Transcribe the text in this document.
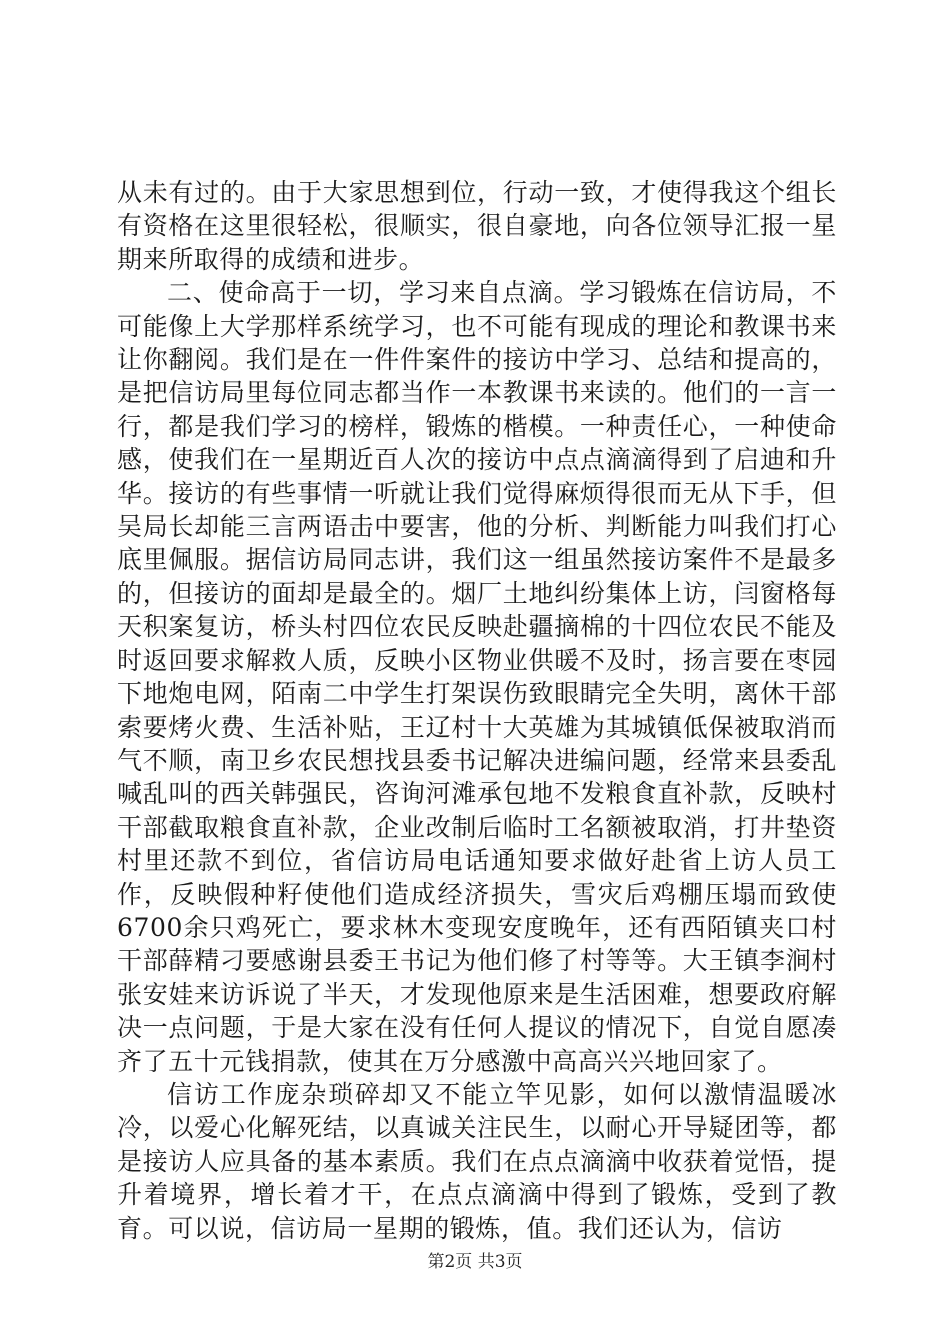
从未有过的。由于大家思想到位，行动一致，才使得我这个组长有资格在这里很轻松，很顺实，很自豪地，向各位领导汇报一星期来所取得的成绩和进步。

二、使命高于一切，学习来自点滴。学习锻炼在信访局，不可能像上大学那样系统学习，也不可能有现成的理论和教课书来让你翻阅。我们是在一件件案件的接访中学习、总结和提高的，是把信访局里每位同志都当作一本教课书来读的。他们的一言一行，都是我们学习的榜样，锻炼的楷模。一种责任心，一种使命感，使我们在一星期近百人次的接访中点点滴滴得到了启迪和升华。接访的有些事情一听就让我们觉得麻烦得很而无从下手，但吴局长却能三言两语击中要害，他的分析、判断能力叫我们打心底里佩服。据信访局同志讲，我们这一组虽然接访案件不是最多的，但接访的面却是最全的。烟厂土地纠纷集体上访，闫窗格每天积案复访，桥头村四位农民反映赴疆摘棉的十四位农民不能及时返回要求解救人质，反映小区物业供暖不及时，扬言要在枣园下地炮电网，陌南二中学生打架误伤致眼睛完全失明，离休干部索要烤火费、生活补贴，王辽村十大英雄为其城镇低保被取消而气不顺，南卫乡农民想找县委书记解决进编问题，经常来县委乱喊乱叫的西关韩强民，咨询河滩承包地不发粮食直补款，反映村干部截取粮食直补款，企业改制后临时工名额被取消，打井垫资村里还款不到位，省信访局电话通知要求做好赴省上访人员工作，反映假种籽使他们造成经济损失，雪灾后鸡棚压塌而致使6700余只鸡死亡，要求林木变现安度晚年，还有西陌镇夹口村干部薛精刁要感谢县委王书记为他们修了村等等。大王镇李涧村张安娃来访诉说了半天，才发现他原来是生活困难，想要政府解决一点问题，于是大家在没有任何人提议的情况下，自觉自愿凑齐了五十元钱捐款，使其在万分感激中高高兴兴地回家了。

信访工作庞杂琐碎却又不能立竿见影，如何以激情温暖冰冷，以爱心化解死结，以真诚关注民生，以耐心开导疑团等，都是接访人应具备的基本素质。我们在点点滴滴中收获着觉悟，提升着境界，增长着才干，在点点滴滴中得到了锻炼，受到了教育。可以说，信访局一星期的锻炼，值。我们还认为，信访

第2页 共3页
